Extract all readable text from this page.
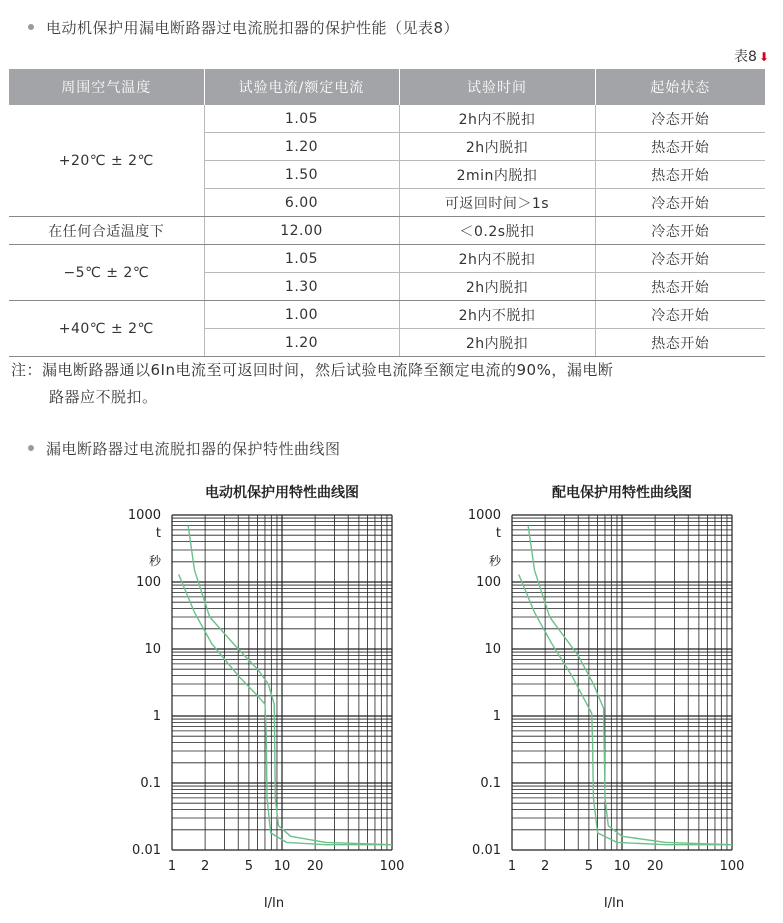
电动机保护用漏电断路器过电流脱扣器的保护性能（见表8）
表8 ⬇
周围空气温度	试验电流/额定电流	试验时间	起始状态
+20℃ ± 2℃	1.05	2h内不脱扣	冷态开始
	1.20	2h内脱扣	热态开始
	1.50	2min内脱扣	热态开始
	6.00	可返回时间＞1s	冷态开始
在任何合适温度下	12.00	＜0.2s脱扣	冷态开始
−5℃ ± 2℃	1.05	2h内不脱扣	冷态开始
	1.30	2h内脱扣	热态开始
+40℃ ± 2℃	1.00	2h内不脱扣	冷态开始
	1.20	2h内脱扣	热态开始
注：漏电断路器通以6In电流至可返回时间，然后试验电流降至额定电流的90%，漏电断
路器应不脱扣。
漏电断路器过电流脱扣器的保护特性曲线图
电动机保护用特性曲线图
0.01
0.1
1
10
100
1000
t
秒
1 2	5 10 20	100
I/In
配电保护用特性曲线图
0.01
0.1
1
10
100
1000
t
秒
1 2	5 10 20	100
I/In
